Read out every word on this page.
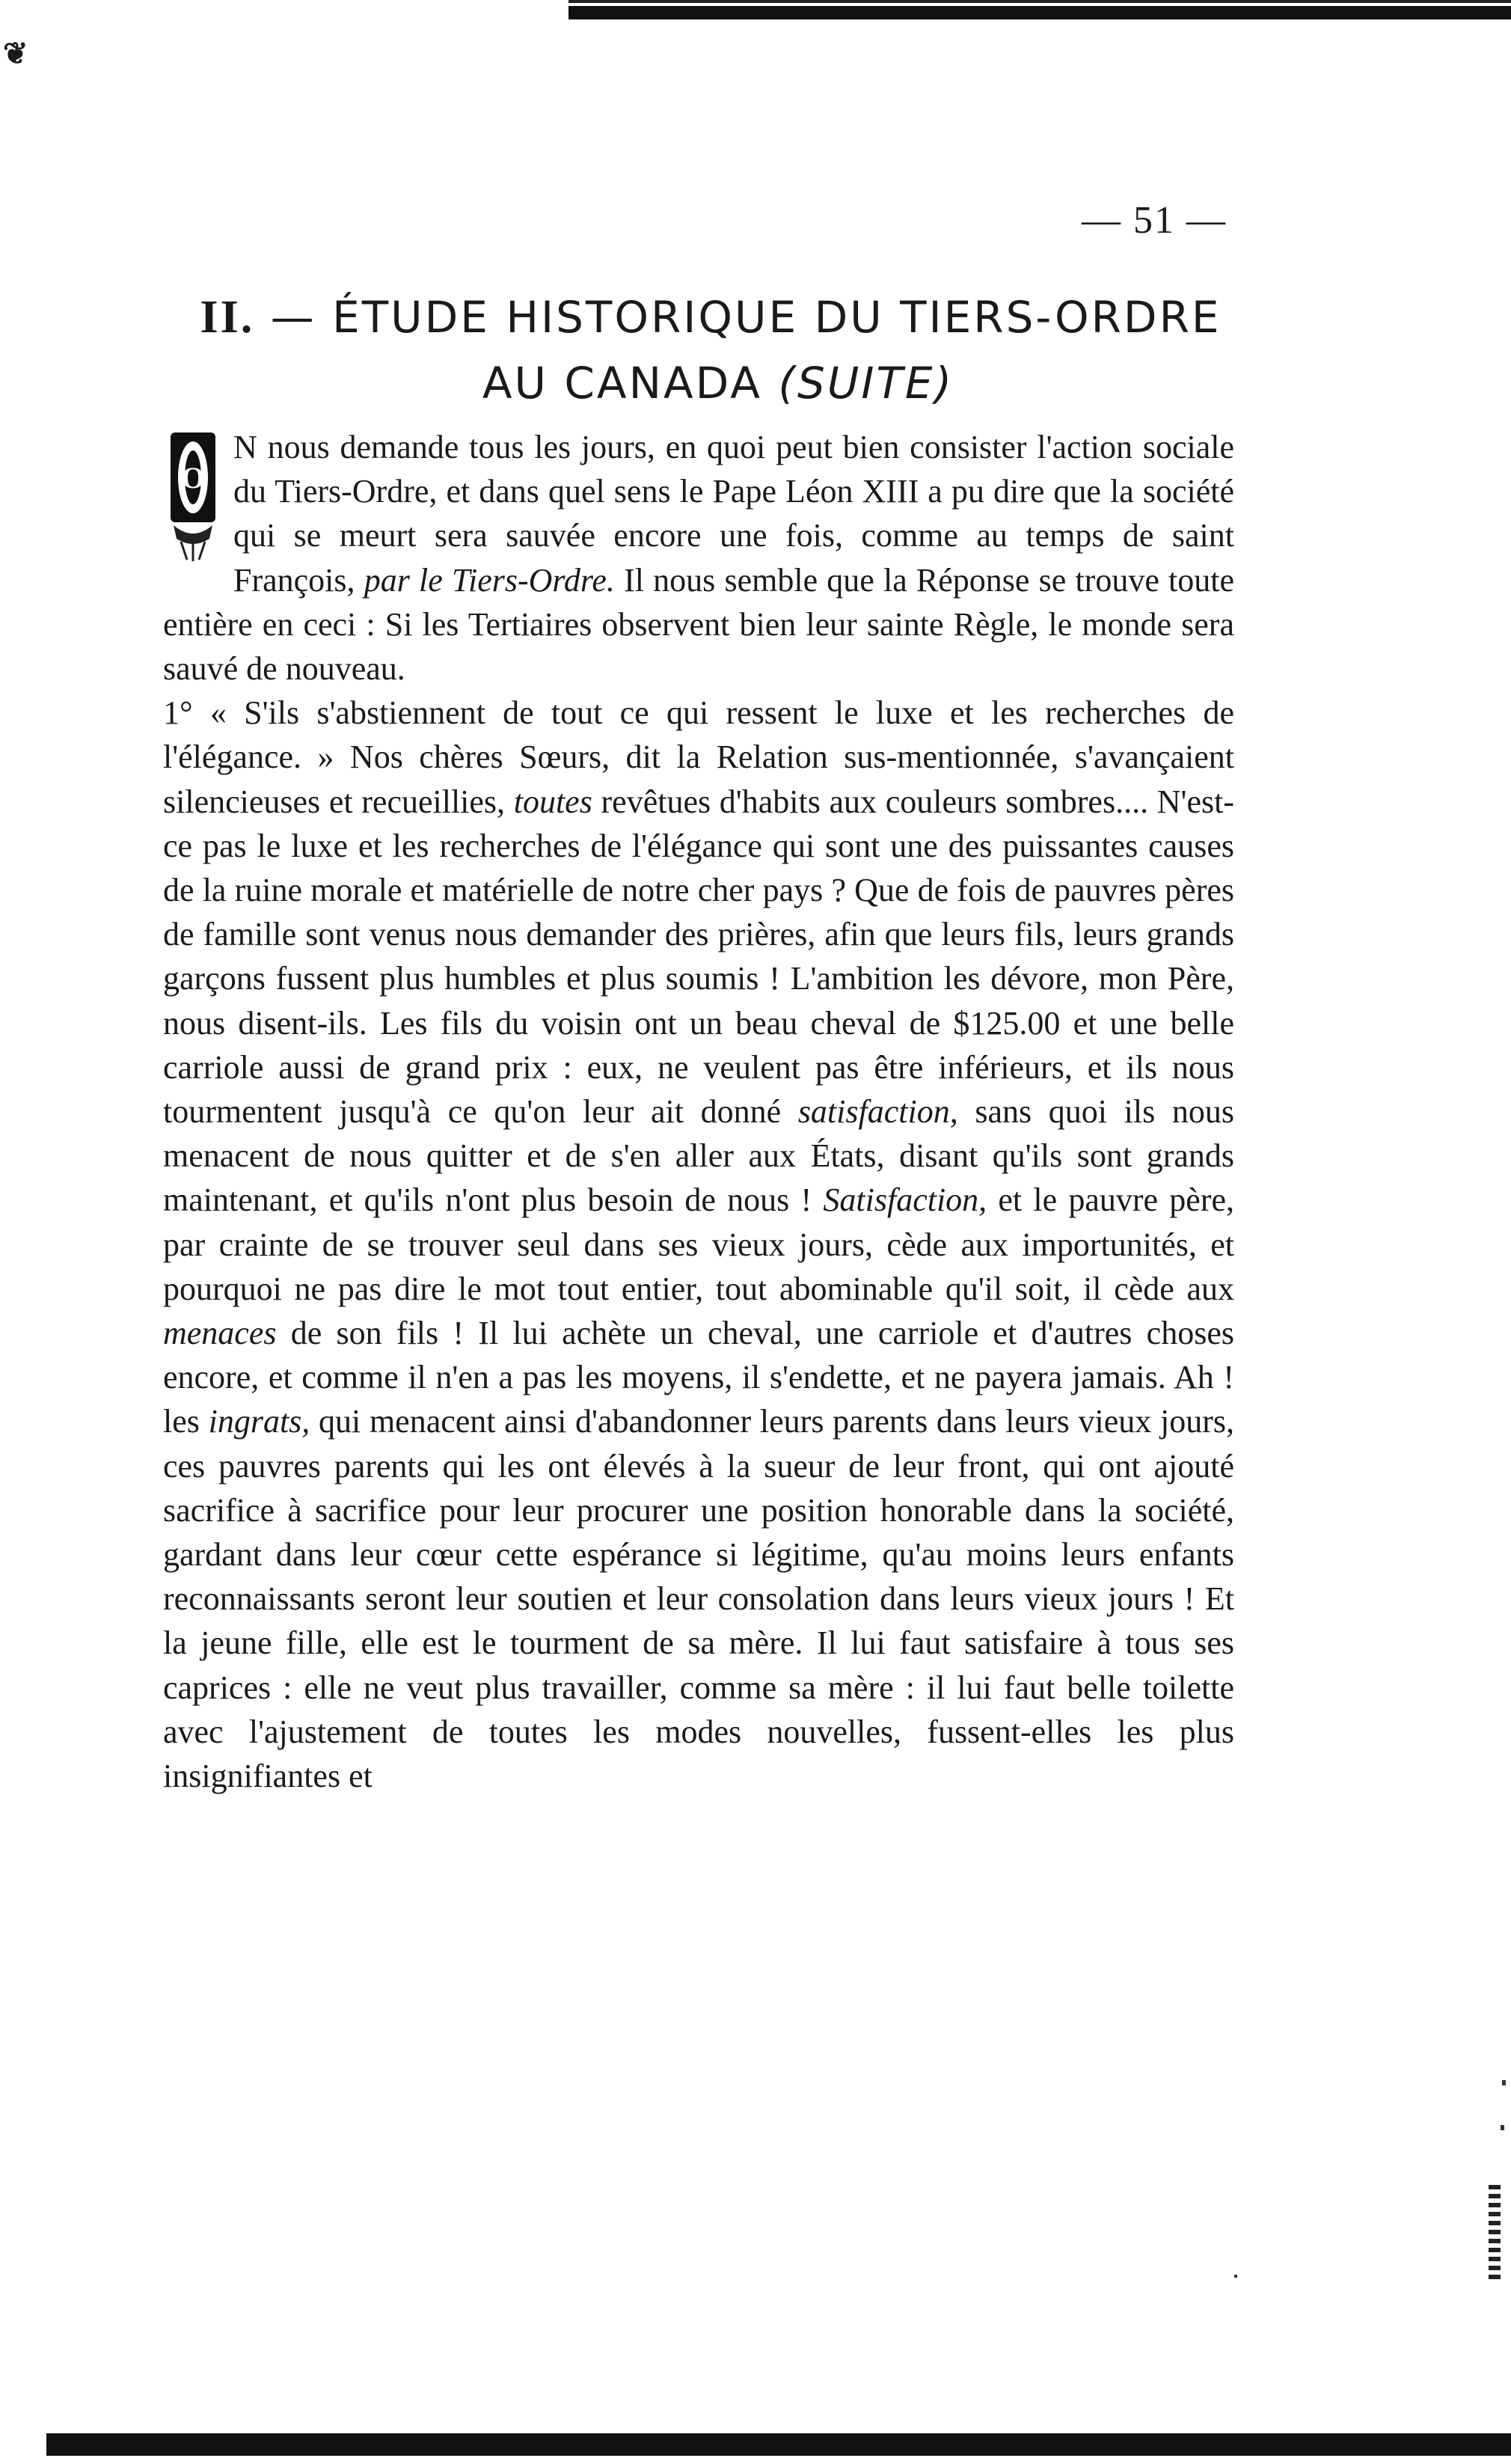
❦
— 51 —
II. — ÉTUDE HISTORIQUE DU TIERS-ORDRE
AU CANADA (SUITE)

O
N nous demande tous les jours, en quoi peut bien consister l'action sociale du Tiers-Ordre, et dans quel sens le Pape Léon XIII a pu dire que la société qui se meurt sera sauvée encore une fois, comme au temps de saint François, par le Tiers-Ordre. Il nous semble que la Réponse se trouve toute entière en ceci : Si les Tertiaires observent bien leur sainte Règle, le monde sera sauvé de nouveau.

1° « S'ils s'abstiennent de tout ce qui ressent le luxe et les recherches de l'élégance. » Nos chères Sœurs, dit la Relation sus-mentionnée, s'avançaient silencieuses et recueillies, toutes revêtues d'habits aux couleurs sombres.... N'est-ce pas le luxe et les recherches de l'élégance qui sont une des puissantes causes de la ruine morale et matérielle de notre cher pays ? Que de fois de pauvres pères de famille sont venus nous demander des prières, afin que leurs fils, leurs grands garçons fussent plus humbles et plus soumis ! L'ambition les dévore, mon Père, nous disent-ils. Les fils du voisin ont un beau cheval de $125.00 et une belle carriole aussi de grand prix : eux, ne veulent pas être inférieurs, et ils nous tourmentent jusqu'à ce qu'on leur ait donné satisfaction, sans quoi ils nous menacent de nous quitter et de s'en aller aux États, disant qu'ils sont grands maintenant, et qu'ils n'ont plus besoin de nous ! Satisfaction, et le pauvre père, par crainte de se trouver seul dans ses vieux jours, cède aux importunités, et pourquoi ne pas dire le mot tout entier, tout abominable qu'il soit, il cède aux menaces de son fils ! Il lui achète un cheval, une carriole et d'autres choses encore, et comme il n'en a pas les moyens, il s'endette, et ne payera jamais. Ah ! les ingrats, qui menacent ainsi d'abandonner leurs parents dans leurs vieux jours, ces pauvres parents qui les ont élevés à la sueur de leur front, qui ont ajouté sacrifice à sacrifice pour leur procurer une position honorable dans la société, gardant dans leur cœur cette espérance si légitime, qu'au moins leurs enfants reconnaissants seront leur soutien et leur consolation dans leurs vieux jours ! Et la jeune fille, elle est le tourment de sa mère. Il lui faut satisfaire à tous ses caprices : elle ne veut plus travailler, comme sa mère : il lui faut belle toilette avec l'ajustement de toutes les modes nouvelles, fussent-elles les plus insignifiantes et
